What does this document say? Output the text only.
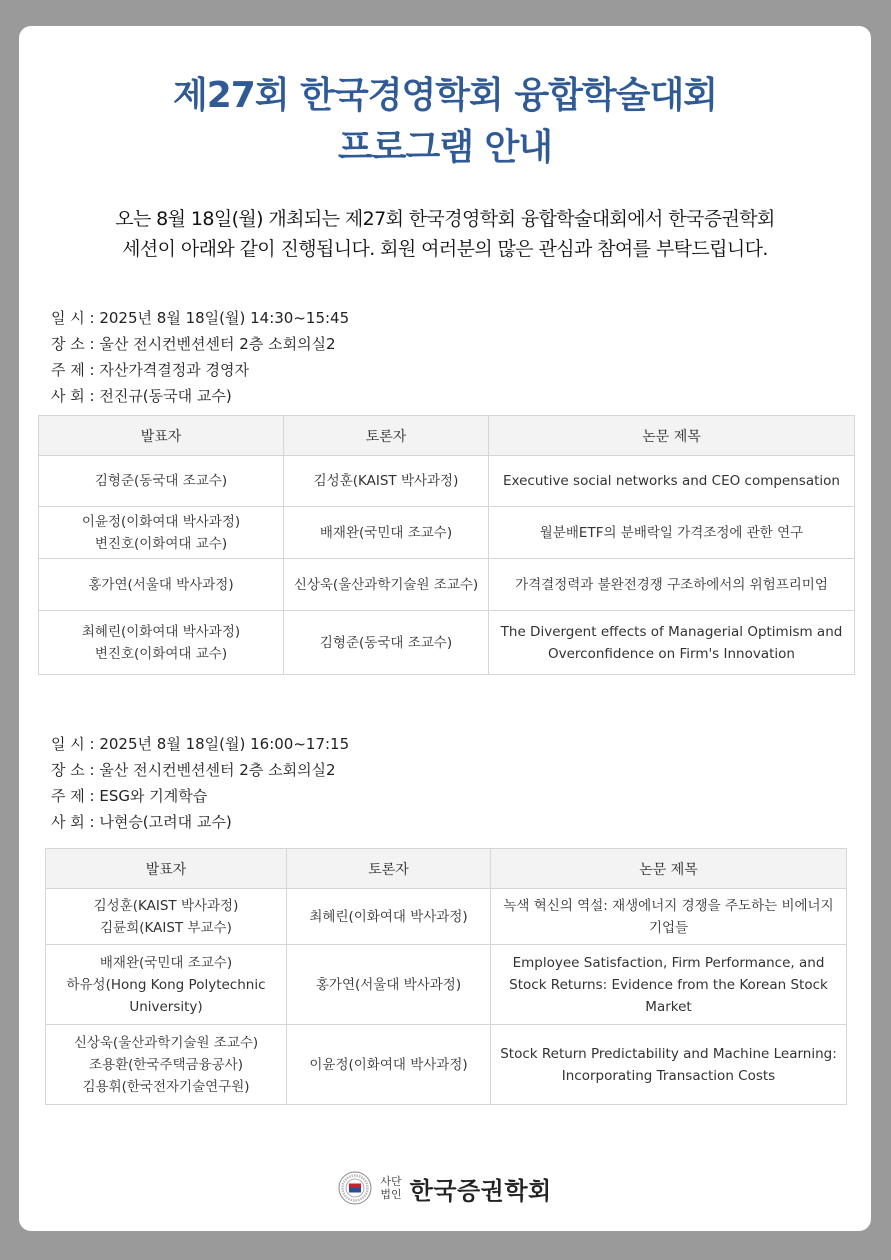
제27회 한국경영학회 융합학술대회
프로그램 안내
오는 8월 18일(월) 개최되는 제27회 한국경영학회 융합학술대회에서 한국증권학회
세션이 아래와 같이 진행됩니다. 회원 여러분의 많은 관심과 참여를 부탁드립니다.
일 시 : 2025년 8월 18일(월) 14:30~15:45
장 소 : 울산 전시컨벤션센터 2층 소회의실2
주 제 : 자산가격결정과 경영자
사 회 : 전진규(동국대 교수)
발표자	토론자	논문 제목

김형준(동국대 조교수)	김성훈(KAIST 박사과정)	Executive social networks and CEO compensation

이윤정(이화여대 박사과정)
변진호(이화여대 교수)	배재완(국민대 조교수)	월분배ETF의 분배락일 가격조정에 관한 연구

홍가연(서울대 박사과정)	신상욱(울산과학기술원 조교수)	가격결정력과 불완전경쟁 구조하에서의 위험프리미엄

최혜린(이화여대 박사과정)
변진호(이화여대 교수)	김형준(동국대 조교수)	The Divergent effects of Managerial Optimism and
Overconfidence on Firm's Innovation
일 시 : 2025년 8월 18일(월) 16:00~17:15
장 소 : 울산 전시컨벤션센터 2층 소회의실2
주 제 : ESG와 기계학습
사 회 : 나현승(고려대 교수)
발표자	토론자	논문 제목

김성훈(KAIST 박사과정)
김륜희(KAIST 부교수)	최혜린(이화여대 박사과정)	녹색 혁신의 역설: 재생에너지 경쟁을 주도하는 비에너지
기업들

배재완(국민대 조교수)
하유성(Hong Kong Polytechnic
University)	홍가연(서울대 박사과정)	Employee Satisfaction, Firm Performance, and
Stock Returns: Evidence from the Korean Stock
Market

신상욱(울산과학기술원 조교수)
조용환(한국주택금융공사)
김용휘(한국전자기술연구원)	이윤정(이화여대 박사과정)	Stock Return Predictability and Machine Learning:
Incorporating Transaction Costs
사단
법인 한국증권학회
